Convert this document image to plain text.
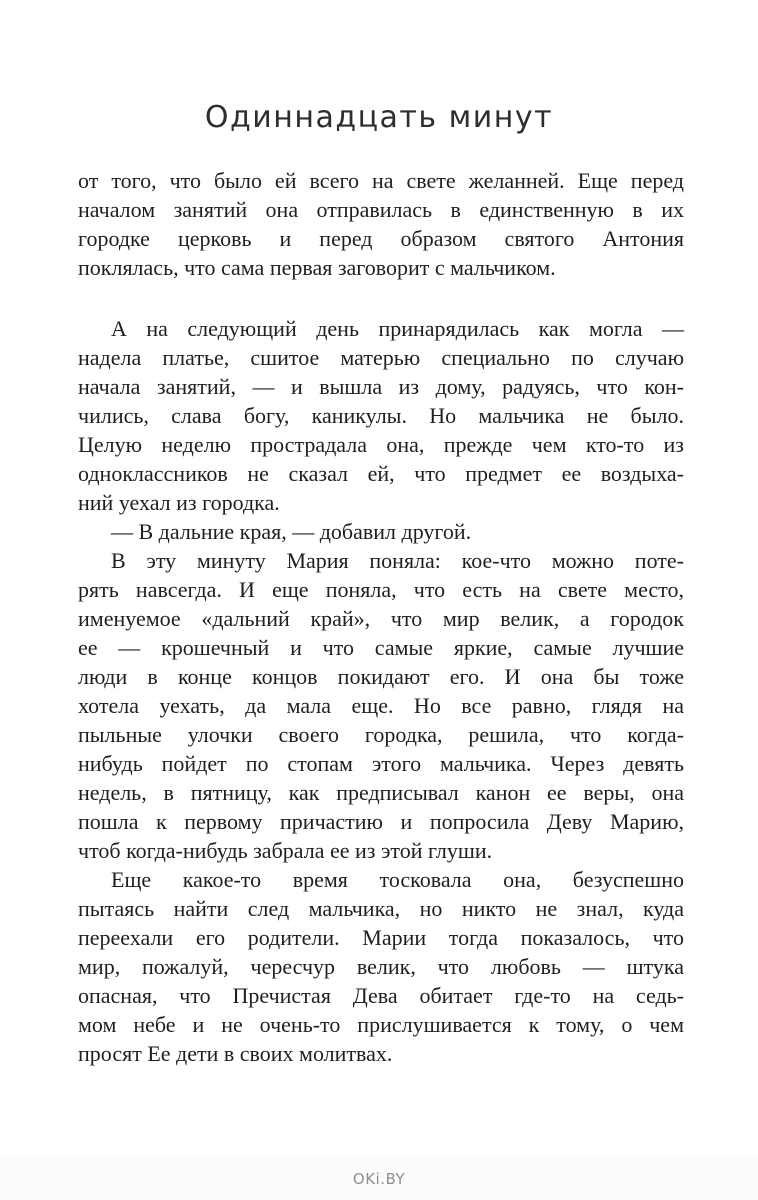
Одиннадцать минут
от того, что было ей всего на свете желанней. Еще перед
началом занятий она отправилась в единственную в их
городке церковь и перед образом святого Антония
поклялась, что сама первая заговорит с мальчиком.
А на следующий день принарядилась как могла —
надела платье, сшитое матерью специально по случаю
начала занятий, — и вышла из дому, радуясь, что кон-
чились, слава богу, каникулы. Но мальчика не было.
Целую неделю прострадала она, прежде чем кто-то из
одноклассников не сказал ей, что предмет ее воздыха-
ний уехал из городка.
— В дальние края, — добавил другой.
В эту минуту Мария поняла: кое-что можно поте-
рять навсегда. И еще поняла, что есть на свете место,
именуемое «дальний край», что мир велик, а городок
ее — крошечный и что самые яркие, самые лучшие
люди в конце концов покидают его. И она бы тоже
хотела уехать, да мала еще. Но все равно, глядя на
пыльные улочки своего городка, решила, что когда-
нибудь пойдет по стопам этого мальчика. Через девять
недель, в пятницу, как предписывал канон ее веры, она
пошла к первому причастию и попросила Деву Марию,
чтоб когда-нибудь забрала ее из этой глуши.
Еще какое-то время тосковала она, безуспешно
пытаясь найти след мальчика, но никто не знал, куда
переехали его родители. Марии тогда показалось, что
мир, пожалуй, чересчур велик, что любовь — штука
опасная, что Пречистая Дева обитает где-то на седь-
мом небе и не очень-то прислушивается к тому, о чем
просят Ее дети в своих молитвах.
OKi.BY
